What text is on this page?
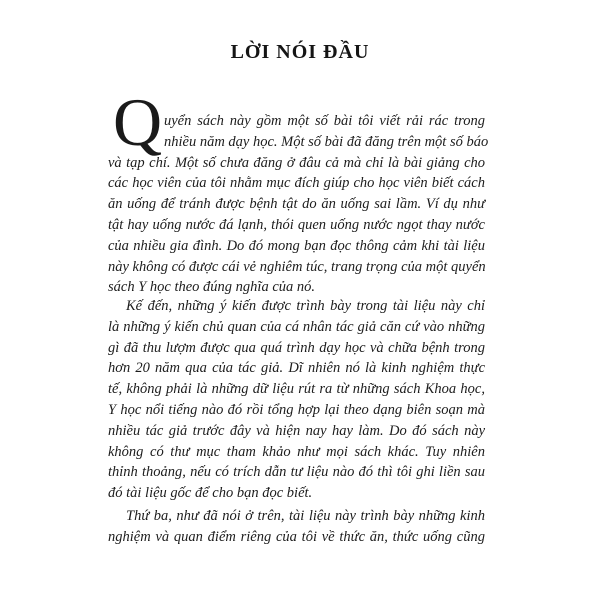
LỜI NÓI ĐẦU
Q uyển sách này gồm một số bài tôi viết rải rác trong
nhiều năm dạy học. Một số bài đã đăng trên một số báo
và tạp chí. Một số chưa đăng ở đâu cả mà chỉ là bài giảng cho
các học viên của tôi nhằm mục đích giúp cho học viên biết cách
ăn uống để tránh được bệnh tật do ăn uống sai lầm. Ví dụ như
tật hay uống nước đá lạnh, thói quen uống nước ngọt thay nước
của nhiều gia đình. Do đó mong bạn đọc thông cảm khi tài liệu
này không có được cái vẻ nghiêm túc, trang trọng của một quyển
sách Y học theo đúng nghĩa của nó.
Kế đến, những ý kiến được trình bày trong tài liệu này chỉ
là những ý kiến chủ quan của cá nhân tác giả căn cứ vào những
gì đã thu lượm được qua quá trình dạy học và chữa bệnh trong
hơn 20 năm qua của tác giả. Dĩ nhiên nó là kinh nghiệm thực
tế, không phải là những dữ liệu rút ra từ những sách Khoa học,
Y học nổi tiếng nào đó rồi tổng hợp lại theo dạng biên soạn mà
nhiều tác giả trước đây và hiện nay hay làm. Do đó sách này
không có thư mục tham khảo như mọi sách khác. Tuy nhiên
thỉnh thoảng, nếu có trích dẫn tư liệu nào đó thì tôi ghi liền sau
đó tài liệu gốc để cho bạn đọc biết.
Thứ ba, như đã nói ở trên, tài liệu này trình bày những kinh
nghiệm và quan điểm riêng của tôi về thức ăn, thức uống cũng
